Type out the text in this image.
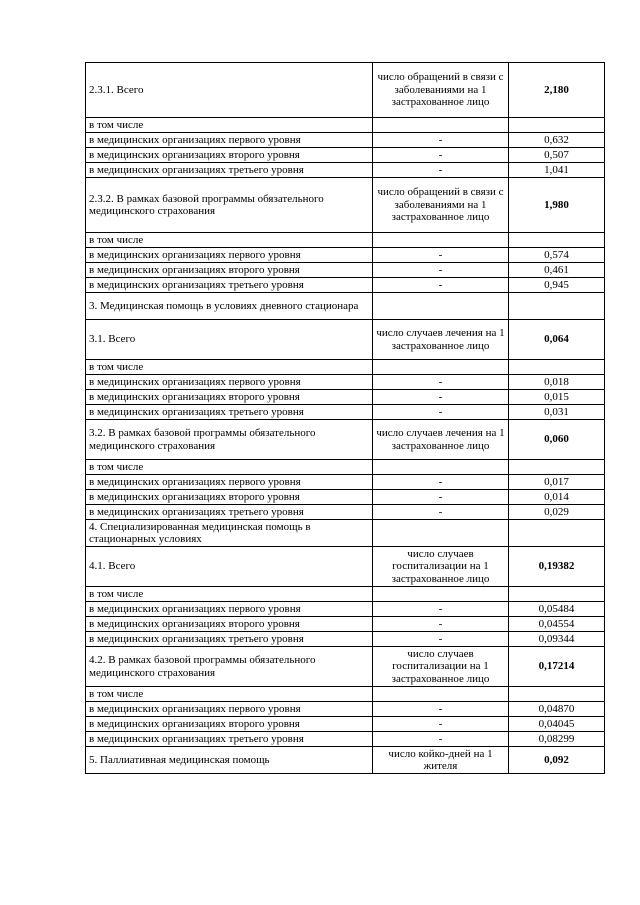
2.3.1. Всего	число обращений в связи с заболеваниями на 1 застрахованное лицо	2,180
в том числе		
в медицинских организациях первого уровня	-	0,632
в медицинских организациях второго уровня	-	0,507
в медицинских организациях третьего уровня	-	1,041
2.3.2. В рамках базовой программы обязательного медицинского страхования	число обращений в связи с заболеваниями на 1 застрахованное лицо	1,980
в том числе		
в медицинских организациях первого уровня	-	0,574
в медицинских организациях второго уровня	-	0,461
в медицинских организациях третьего уровня	-	0,945
3. Медицинская помощь в условиях дневного стационара		
3.1. Всего	число случаев лечения на 1 застрахованное лицо	0,064
в том числе		
в медицинских организациях первого уровня	-	0,018
в медицинских организациях второго уровня	-	0,015
в медицинских организациях третьего уровня	-	0,031
3.2. В рамках базовой программы обязательного медицинского страхования	число случаев лечения на 1 застрахованное лицо	0,060
в том числе		
в медицинских организациях первого уровня	-	0,017
в медицинских организациях второго уровня	-	0,014
в медицинских организациях третьего уровня	-	0,029
4. Специализированная медицинская помощь в стационарных условиях		
4.1. Всего	число случаев госпитализации на 1 застрахованное лицо	0,19382
в том числе		
в медицинских организациях первого уровня	-	0,05484
в медицинских организациях второго уровня	-	0,04554
в медицинских организациях третьего уровня	-	0,09344
4.2. В рамках базовой программы обязательного медицинского страхования	число случаев госпитализации на 1 застрахованное лицо	0,17214
в том числе		
в медицинских организациях первого уровня	-	0,04870
в медицинских организациях второго уровня	-	0,04045
в медицинских организациях третьего уровня	-	0,08299
5. Паллиативная медицинская помощь	число койко-дней на 1 жителя	0,092
